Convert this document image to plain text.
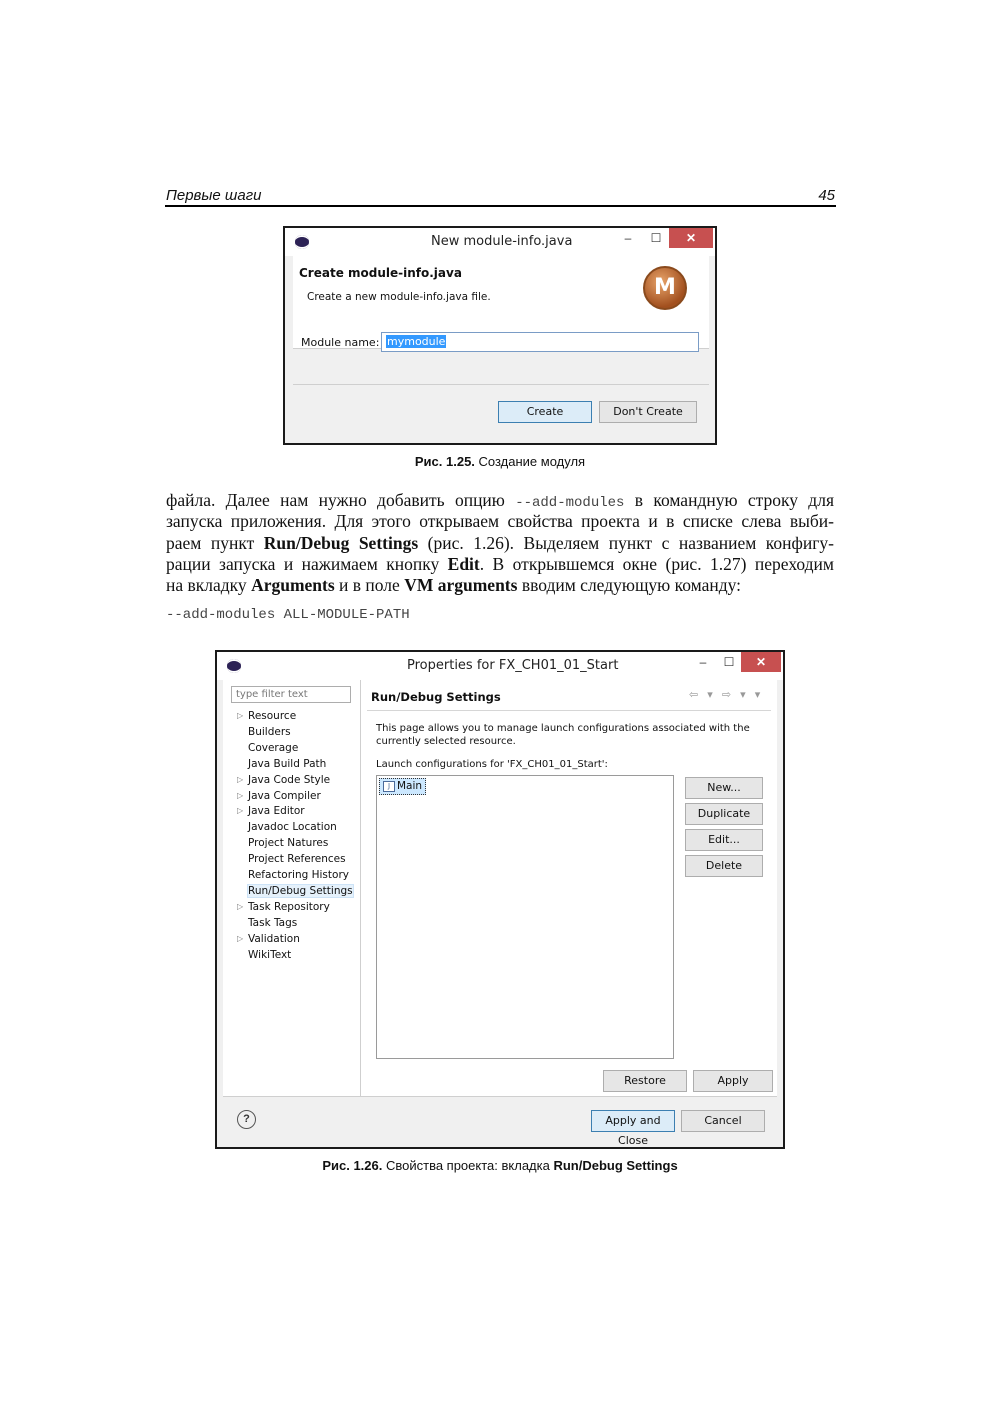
Первые шаги	45
New module-info.java	–	☐	✕
Create module-info.java
Create a new module-info.java file.	M
Module name: mymodule
Create	Don't Create
Рис. 1.25. Создание модуля
файла. Далее нам нужно добавить опцию --add-modules в командную строку для
запуска приложения. Для этого открываем свойства проекта и в списке слева выби-
раем пункт Run/Debug Settings (рис. 1.26). Выделяем пункт с названием конфигу-
рации запуска и нажимаем кнопку Edit. В открывшемся окне (рис. 1.27) переходим
на вкладку Arguments и в поле VM arguments вводим следующую команду:
--add-modules ALL-MODULE-PATH
Properties for FX_CH01_01_Start	–	☐	✕
type filter text
▷ Resource
Builders
Coverage
Java Build Path
▷ Java Code Style
▷ Java Compiler
▷ Java Editor
Javadoc Location
Project Natures
Project References
Refactoring History
Run/Debug Settings
▷ Task Repository
Task Tags
▷ Validation
WikiText
Run/Debug Settings	⇦ ▾ ⇨ ▾ ▾
This page allows you to manage launch configurations associated with the currently selected resource.
Launch configurations for 'FX_CH01_01_Start':
J Main	New...
Duplicate
Edit...
Delete
Restore	Apply
?	Apply and Close
Cancel
Рис. 1.26. Свойства проекта: вкладка Run/Debug Settings
